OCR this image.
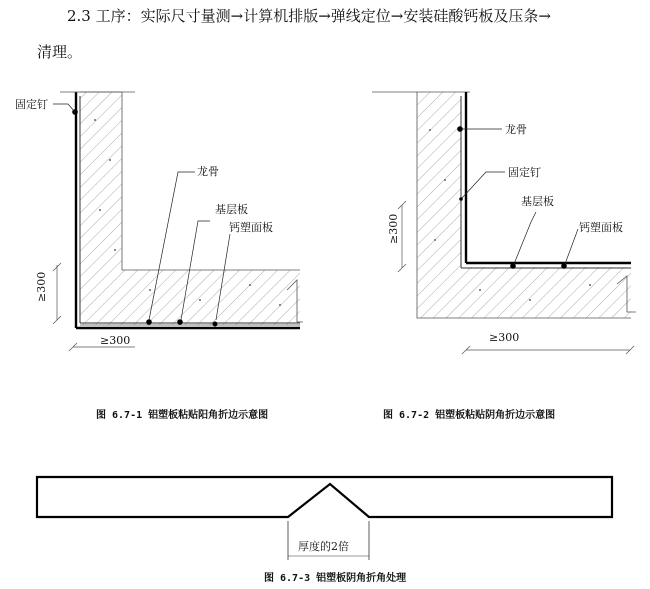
2.3 工序：实际尺寸量测→计算机排版→弹线定位→安装硅酸钙板及压条→
清理。
固定钉
龙骨
基层板
钙塑面板
≥300
≥300
图 6.7-1 铝塑板粘贴阳角折边示意图
龙骨
固定钉
基层板
钙塑面板
≥300
≥300
图 6.7-2 铝塑板粘贴阴角折边示意图
厚度的2倍
图 6.7-3 铝塑板阴角折角处理
